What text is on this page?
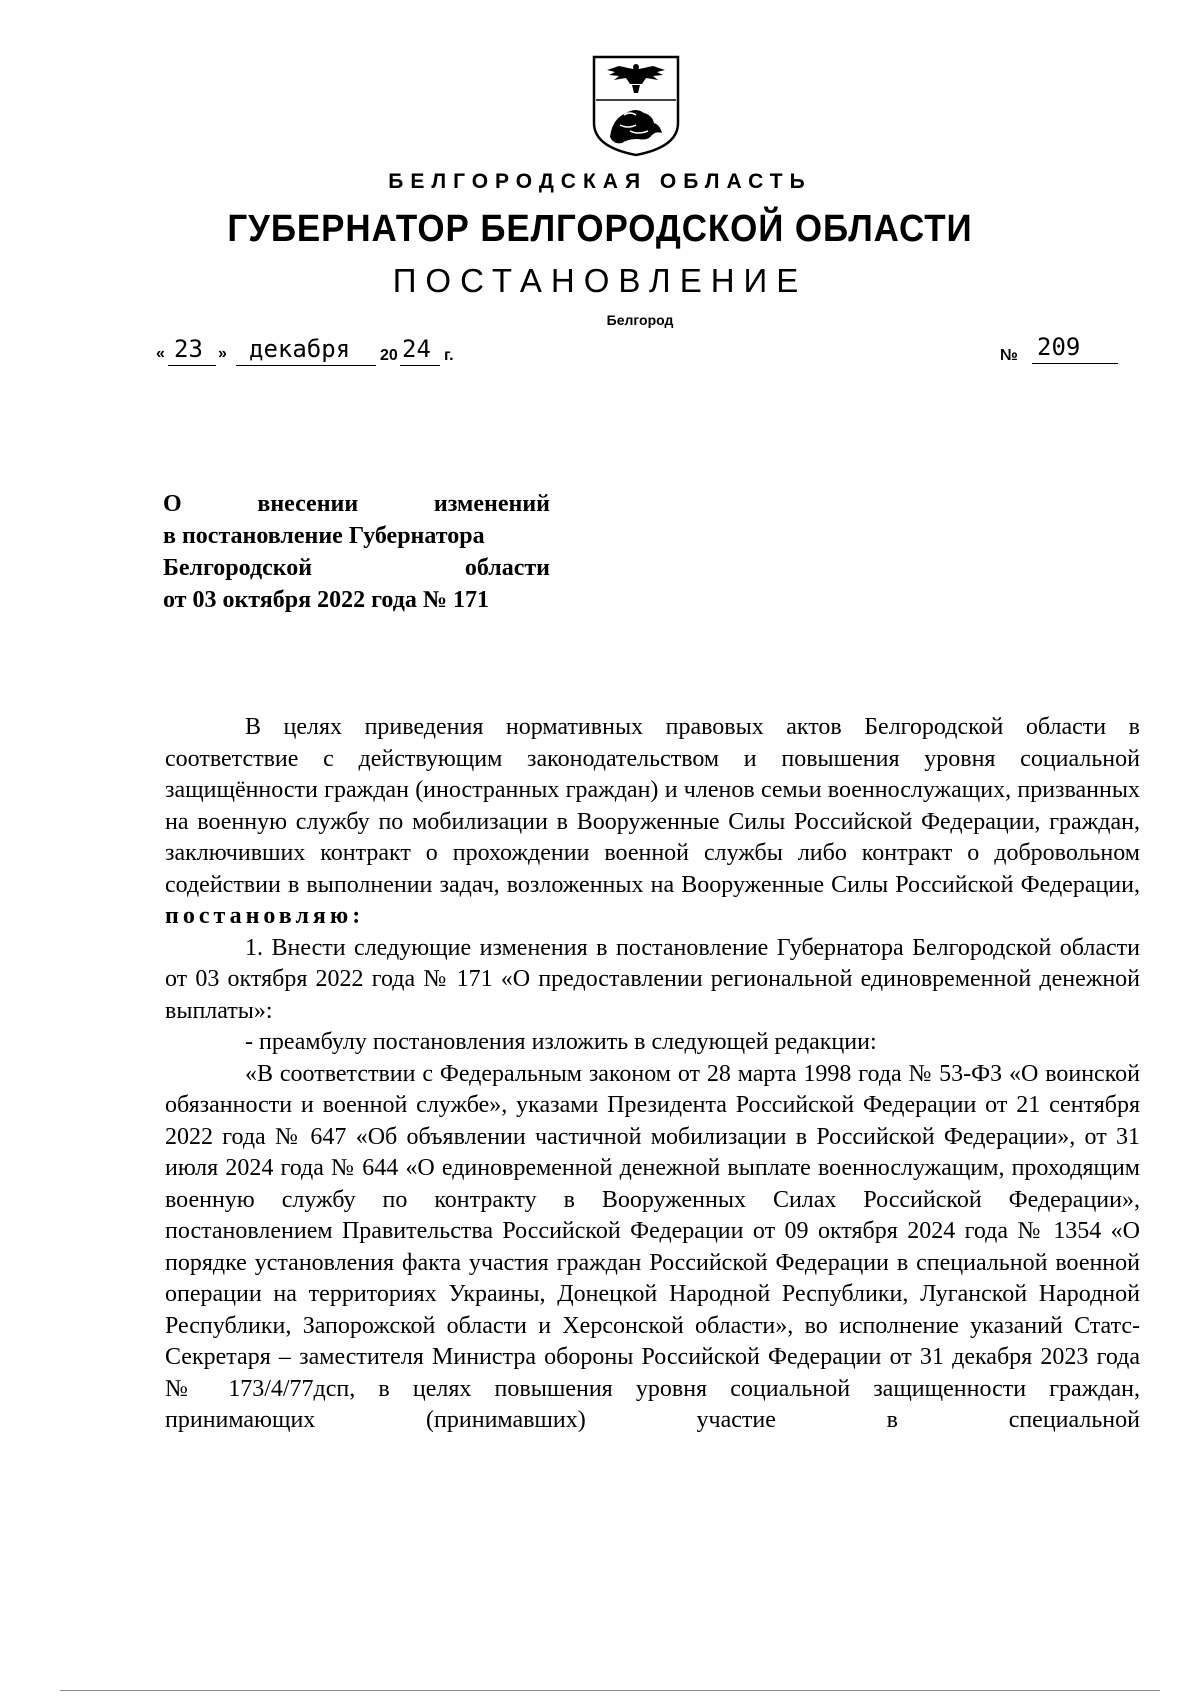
БЕЛГОРОДСКАЯ ОБЛАСТЬ
ГУБЕРНАТОР БЕЛГОРОДСКОЙ ОБЛАСТИ
ПОСТАНОВЛЕНИЕ
Белгород
« 23 » декабря 20 24 г.	№ 209
О	внесении	изменений
в постановление Губернатора
Белгородской	области
от 03 октября 2022 года № 171

В целях приведения нормативных правовых актов Белгородской области в соответствие с действующим законодательством и повышения уровня социальной защищённости граждан (иностранных граждан) и членов семьи военнослужащих, призванных на военную службу по мобилизации в Вооруженные Силы Российской Федерации, граждан, заключивших контракт о прохождении военной службы либо контракт о добровольном содействии в выполнении задач, возложенных на Вооруженные Силы Российской Федерации, постановляю:

1. Внести следующие изменения в постановление Губернатора Белгородской области от 03 октября 2022 года № 171 «О предоставлении региональной единовременной денежной выплаты»:

- преамбулу постановления изложить в следующей редакции:

«В соответствии с Федеральным законом от 28 марта 1998 года № 53-ФЗ «О воинской обязанности и военной службе», указами Президента Российской Федерации от 21 сентября 2022 года № 647 «Об объявлении частичной мобилизации в Российской Федерации», от 31 июля 2024 года № 644 «О единовременной денежной выплате военнослужащим, проходящим военную службу по контракту в Вооруженных Силах Российской Федерации», постановлением Правительства Российской Федерации от 09 октября 2024 года № 1354 «О порядке установления факта участия граждан Российской Федерации в специальной военной операции на территориях Украины, Донецкой Народной Республики, Луганской Народной Республики, Запорожской области и Херсонской области», во исполнение указаний Статс-Секретаря – заместителя Министра обороны Российской Федерации от 31 декабря 2023 года № 173/4/77дсп, в целях повышения уровня социальной защищенности граждан, принимающих (принимавших) участие в специальной
